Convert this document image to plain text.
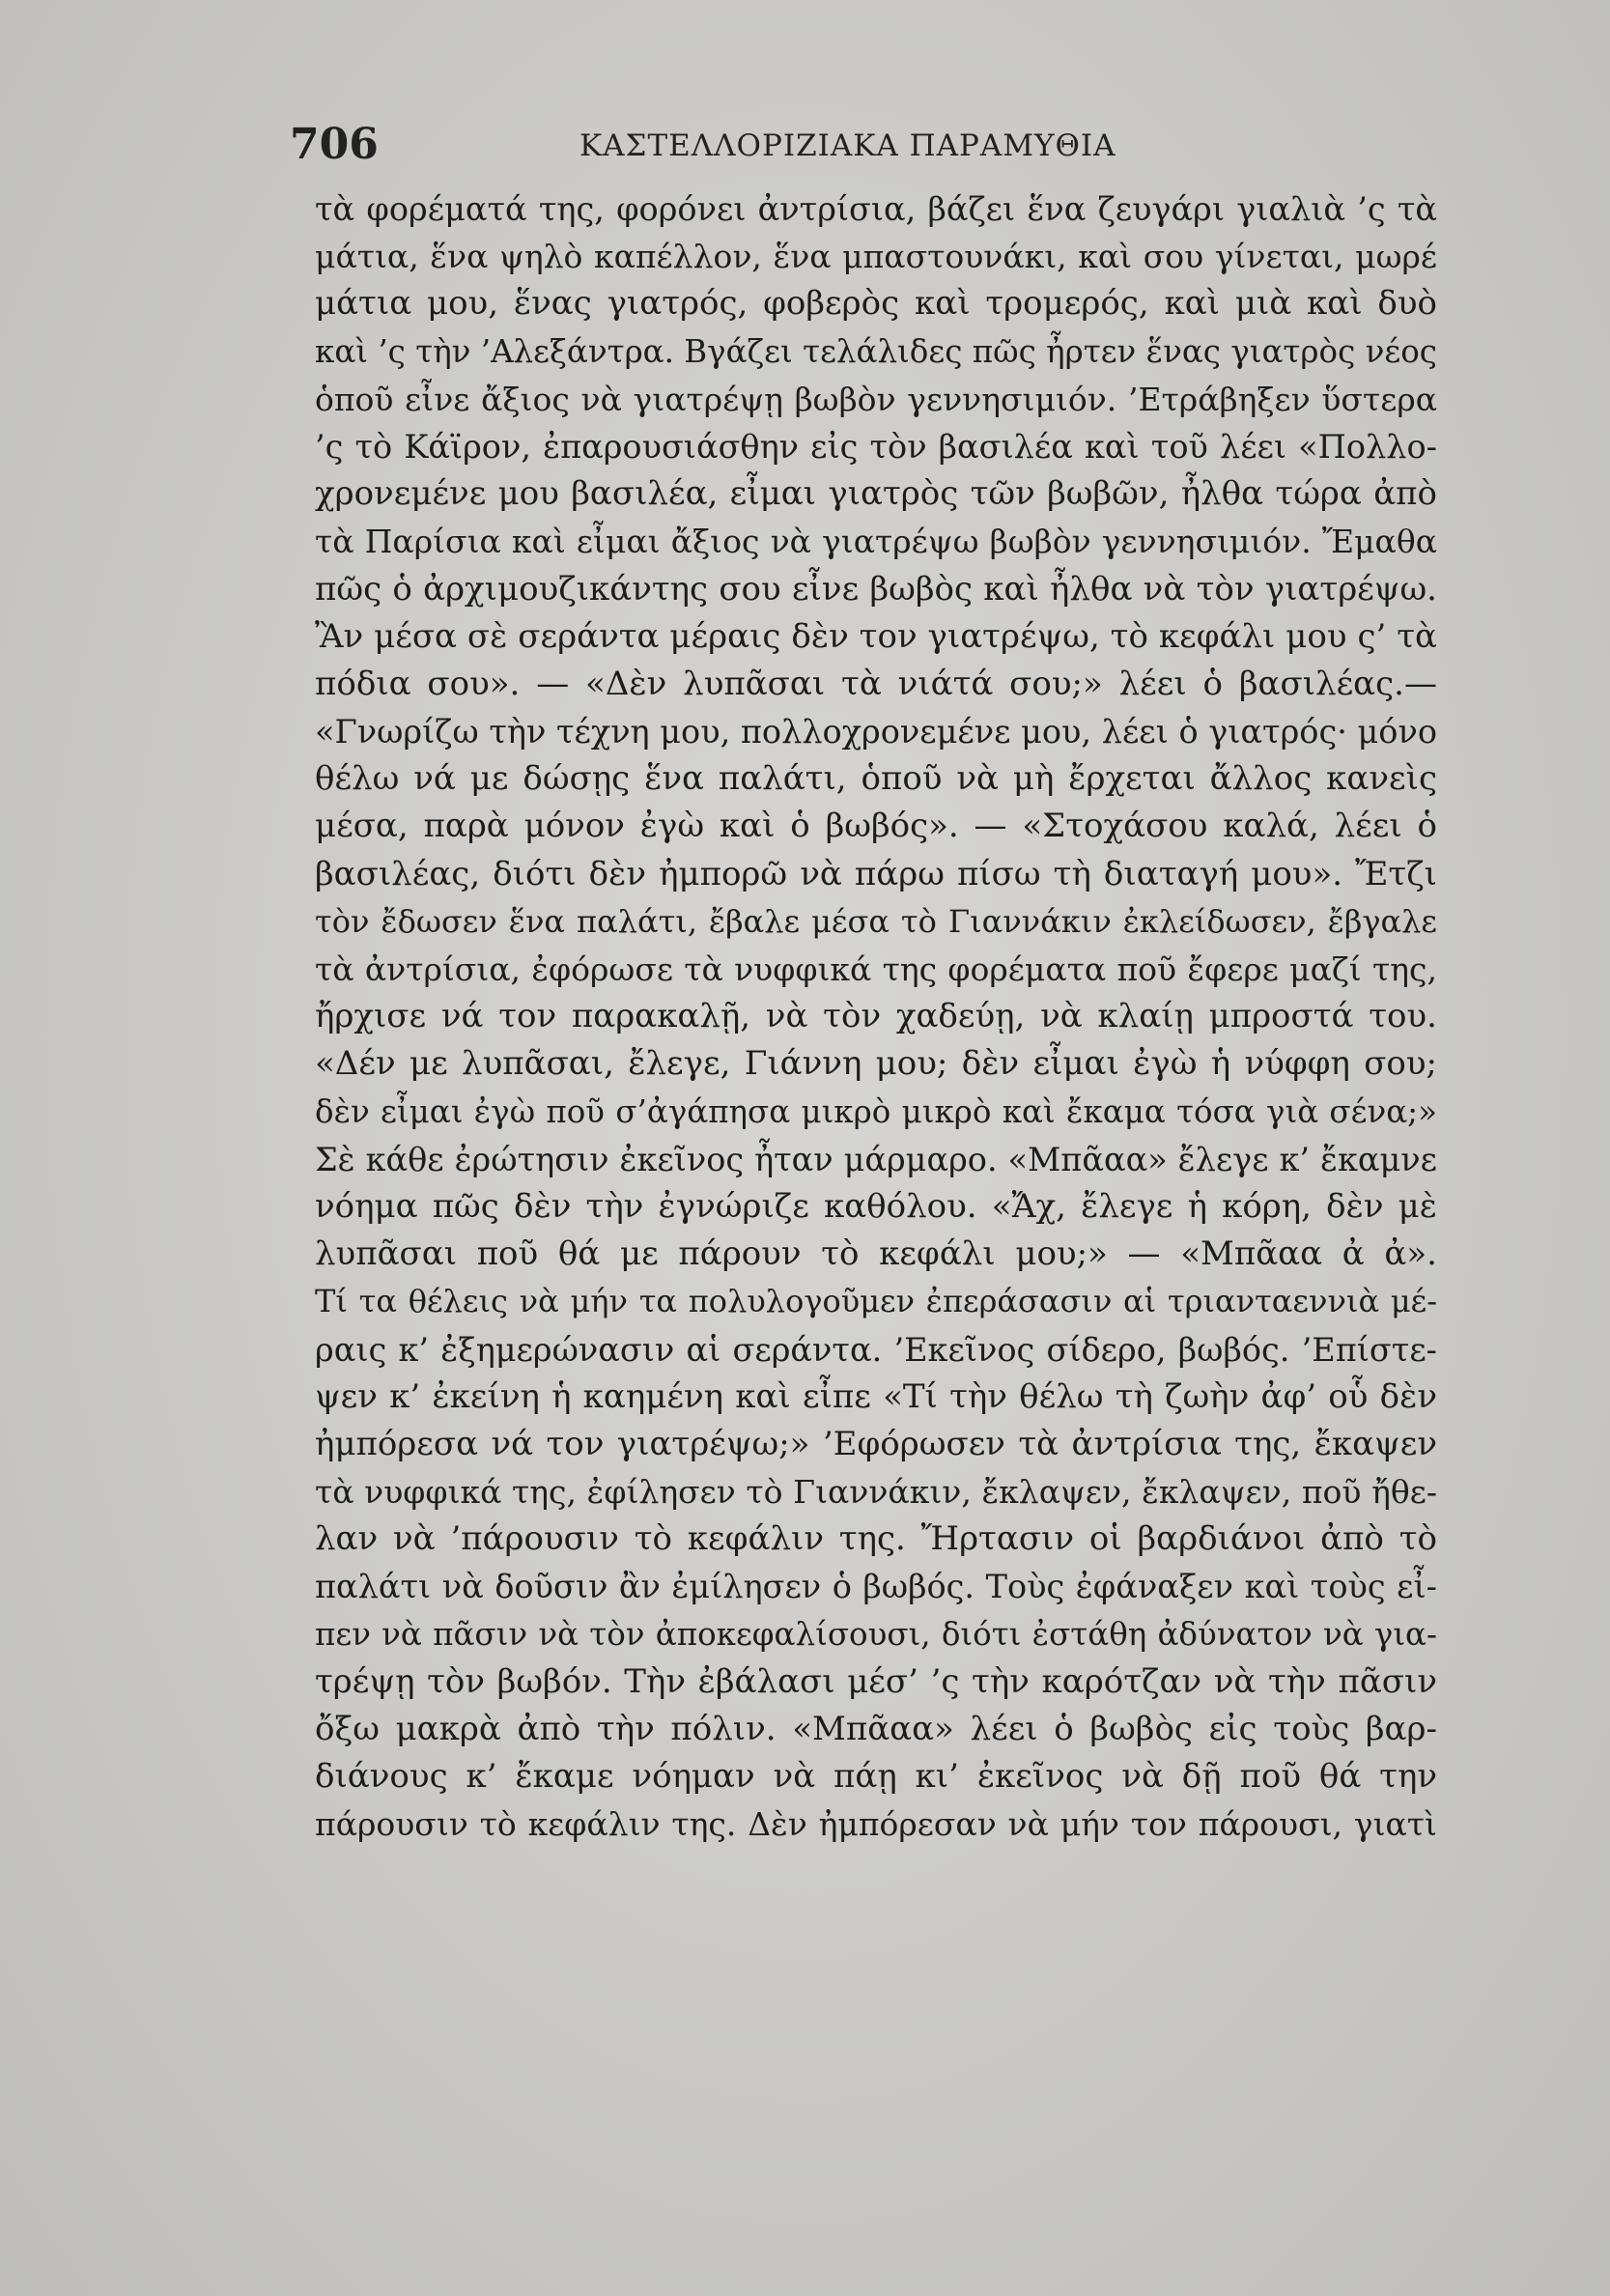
706	ΚΑΣΤΕΛΛΟΡΙΖΙΑΚΑ ΠΑΡΑΜΥΘΙΑ
τὰ φορέματά της, φορόνει ἀντρίσια, βάζει ἕνα ζευγάρι γιαλιὰ ’ς τὰ
μάτια, ἕνα ψηλὸ καπέλλον, ἕνα μπαστουνάκι, καὶ σου γίνεται, μωρέ
μάτια μου, ἕνας γιατρός, φοβερὸς καὶ τρομερός, καὶ μιὰ καὶ δυὸ
καὶ ’ς τὴν ’Αλεξάντρα. Βγάζει τελάλιδες πῶς ἦρτεν ἕνας γιατρὸς νέος
ὁποῦ εἶνε ἄξιος νὰ γιατρέψῃ βωβὸν γεννησιμιόν. ’Ετράβηξεν ὕστερα
’ς τὸ Κάϊρον, ἐπαρουσιάσθην εἰς τὸν βασιλέα καὶ τοῦ λέει «Πολλο-
χρονεμένε μου βασιλέα, εἶμαι γιατρὸς τῶν βωβῶν, ἦλθα τώρα ἀπὸ
τὰ Παρίσια καὶ εἶμαι ἄξιος νὰ γιατρέψω βωβὸν γεννησιμιόν. Ἔμαθα
πῶς ὁ ἀρχιμουζικάντης σου εἶνε βωβὸς καὶ ἦλθα νὰ τὸν γιατρέψω.
Ἂν μέσα σὲ σεράντα μέραις δὲν τον γιατρέψω, τὸ κεφάλι μου ς’ τὰ
πόδια σου». — «Δὲν λυπᾶσαι τὰ νιάτά σου;» λέει ὁ βασιλέας.—
«Γνωρίζω τὴν τέχνη μου, πολλοχρονεμένε μου, λέει ὁ γιατρός· μόνο
θέλω νά με δώσῃς ἕνα παλάτι, ὁποῦ νὰ μὴ ἔρχεται ἄλλος κανεὶς
μέσα, παρὰ μόνον ἐγὼ καὶ ὁ βωβός». — «Στοχάσου καλά, λέει ὁ
βασιλέας, διότι δὲν ἠμπορῶ νὰ πάρω πίσω τὴ διαταγή μου». Ἔτζι
τὸν ἔδωσεν ἕνα παλάτι, ἔβαλε μέσα τὸ Γιαννάκιν ἐκλείδωσεν, ἔβγαλε
τὰ ἀντρίσια, ἐφόρωσε τὰ νυφφικά της φορέματα ποῦ ἔφερε μαζί της,
ἤρχισε νά τον παρακαλῇ, νὰ τὸν χαδεύῃ, νὰ κλαίῃ μπροστά του.
«Δέν με λυπᾶσαι, ἔλεγε, Γιάννη μου; δὲν εἶμαι ἐγὼ ἡ νύφφη σου;
δὲν εἶμαι ἐγὼ ποῦ σ’ἀγάπησα μικρὸ μικρὸ καὶ ἔκαμα τόσα γιὰ σένα;»
Σὲ κάθε ἐρώτησιν ἐκεῖνος ἦταν μάρμαρο. «Μπᾶαα» ἔλεγε κ’ ἔκαμνε
νόημα πῶς δὲν τὴν ἐγνώριζε καθόλου. «Ἄχ, ἔλεγε ἡ κόρη, δὲν μὲ
λυπᾶσαι ποῦ θά με πάρουν τὸ κεφάλι μου;» — «Μπᾶαα ἀ ἀ».
Τί τα θέλεις νὰ μήν τα πολυλογοῦμεν ἐπεράσασιν αἱ τριανταεννιὰ μέ-
ραις κ’ ἐξημερώνασιν αἱ σεράντα. ’Εκεῖνος σίδερο, βωβός. ’Επίστε-
ψεν κ’ ἐκείνη ἡ καημένη καὶ εἶπε «Τί τὴν θέλω τὴ ζωὴν ἀφ’ οὗ δὲν
ἠμπόρεσα νά τον γιατρέψω;» ’Εφόρωσεν τὰ ἀντρίσια της, ἔκαψεν
τὰ νυφφικά της, ἐφίλησεν τὸ Γιαννάκιν, ἔκλαψεν, ἔκλαψεν, ποῦ ἤθε-
λαν νὰ ’πάρουσιν τὸ κεφάλιν της. Ἤρτασιν οἱ βαρδιάνοι ἀπὸ τὸ
παλάτι νὰ δοῦσιν ἂν ἐμίλησεν ὁ βωβός. Τοὺς ἐφάναξεν καὶ τοὺς εἶ-
πεν νὰ πᾶσιν νὰ τὸν ἀποκεφαλίσουσι, διότι ἐστάθη ἀδύνατον νὰ για-
τρέψῃ τὸν βωβόν. Τὴν ἐβάλασι μέσ’ ’ς τὴν καρότζαν νὰ τὴν πᾶσιν
ὄξω μακρὰ ἀπὸ τὴν πόλιν. «Μπᾶαα» λέει ὁ βωβὸς εἰς τοὺς βαρ-
διάνους κ’ ἔκαμε νόημαν νὰ πάῃ κι’ ἐκεῖνος νὰ δῇ ποῦ θά την
πάρουσιν τὸ κεφάλιν της. Δὲν ἠμπόρεσαν νὰ μήν τον πάρουσι, γιατὶ
